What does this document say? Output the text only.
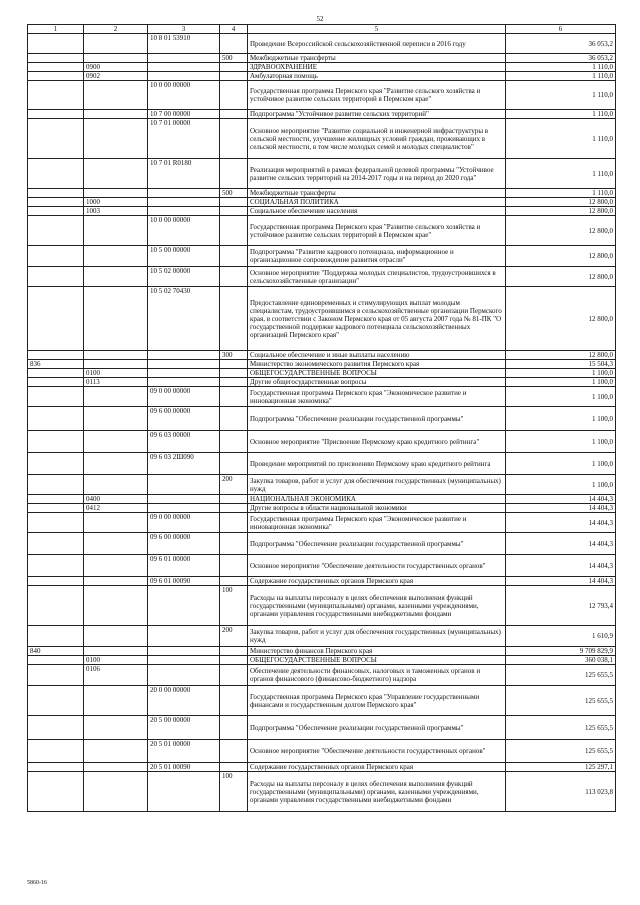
52
1	2	3	4	5	6
		10 8 01 53910		Проведение Всероссийской сельскохозяйственной переписи в 2016 году	36 053,2
			500	Межбюджетные трансферты	36 053,2
	0900			ЗДРАВООХРАНЕНИЕ	1 110,0
	0902			Амбулаторная помощь	1 110,0
		10 0 00 00000		Государственная программа Пермского края "Развитие сельского хозяйства и устойчивое развитие сельских территорий в Пермском крае"	1 110,0
		10 7 00 00000		Подпрограмма "Устойчивое развитие сельских территорий"	1 110,0
		10 7 01 00000		Основное мероприятие "Развитие социальной и инженерной инфраструктуры в сельской местности, улучшение жилищных условий граждан, проживающих в сельской местности, в том числе молодых семей и молодых специалистов"	1 110,0
		10 7 01 R0180		Реализация мероприятий в рамках федеральной целевой программы "Устойчивое развитие сельских территорий на 2014-2017 годы и на период до 2020 года"	1 110,0
			500	Межбюджетные трансферты	1 110,0
	1000			СОЦИАЛЬНАЯ ПОЛИТИКА	12 800,0
	1003			Социальное обеспечение населения	12 800,0
		10 0 00 00000		Государственная программа Пермского края "Развитие сельского хозяйства и устойчивое развитие сельских территорий в Пермском крае"	12 800,0
		10 5 00 00000		Подпрограмма "Развитие кадрового потенциала, информационное и организационное сопровождение развития отрасли"	12 800,0
		10 5 02 00000		Основное мероприятие "Поддержка молодых специалистов, трудоустроившихся в сельскохозяйственные организации"	12 800,0
		10 5 02 70430		Предоставление единовременных и стимулирующих выплат молодым специалистам, трудоустроившимся в сельскохозяйственные организации Пермского края, в соответствии с Законом Пермского края от 05 августа 2007 года № 81-ПК "О государственной поддержке кадрового потенциала сельскохозяйственных организаций Пермского края"	12 800,0
			300	Социальное обеспечение и иные выплаты населению	12 800,0
836				Министерство экономического развития Пермского края	15 504,3
	0100			ОБЩЕГОСУДАРСТВЕННЫЕ ВОПРОСЫ	1 100,0
	0113			Другие общегосударственные вопросы	1 100,0
		09 0 00 00000		Государственная программа Пермского края "Экономическое развитие и инновационная экономика"	1 100,0
		09 6 00 00000		Подпрограмма "Обеспечение реализации государственной программы"	1 100,0
		09 6 03 00000		Основное мероприятие "Присвоение Пермскому краю кредитного рейтинга"	1 100,0
		09 6 03 2Ш090		Проведение мероприятий по присвоению Пермскому краю кредитного рейтинга	1 100,0
			200	Закупка товаров, работ и услуг для обеспечения государственных (муниципальных) нужд	1 100,0
	0400			НАЦИОНАЛЬНАЯ ЭКОНОМИКА	14 404,3
	0412			Другие вопросы в области национальной экономики	14 404,3
		09 0 00 00000		Государственная программа Пермского края "Экономическое развитие и инновационная экономика"	14 404,3
		09 6 00 00000		Подпрограмма "Обеспечение реализации государственной программы"	14 404,3
		09 6 01 00000		Основное мероприятие "Обеспечение деятельности государственных органов"	14 404,3
		09 6 01 00090		Содержание государственных органов Пермского края	14 404,3
			100	Расходы на выплаты персоналу в целях обеспечения выполнения функций государственными (муниципальными) органами, казенными учреждениями, органами управления государственными внебюджетными фондами	12 793,4
			200	Закупка товаров, работ и услуг для обеспечения государственных (муниципальных) нужд	1 610,9
840				Министерство финансов Пермского края	9 709 829,9
	0100			ОБЩЕГОСУДАРСТВЕННЫЕ ВОПРОСЫ	360 038,1
	0106			Обеспечение деятельности финансовых, налоговых и таможенных органов и органов финансового (финансово-бюджетного) надзора	125 655,5
		20 0 00 00000		Государственная программа Пермского края "Управление государственными финансами и государственным долгом Пермского края"	125 655,5
		20 5 00 00000		Подпрограмма "Обеспечение реализации государственной программы"	125 655,5
		20 5 01 00000		Основное мероприятие "Обеспечение деятельности государственных органов"	125 655,5
		20 5 01 00090		Содержание государственных органов Пермского края	125 297,1
			100	Расходы на выплаты персоналу в целях обеспечения выполнения функций государственными (муниципальными) органами, казенными учреждениями, органами управления государственными внебюджетными фондами	113 023,8
5860-16
